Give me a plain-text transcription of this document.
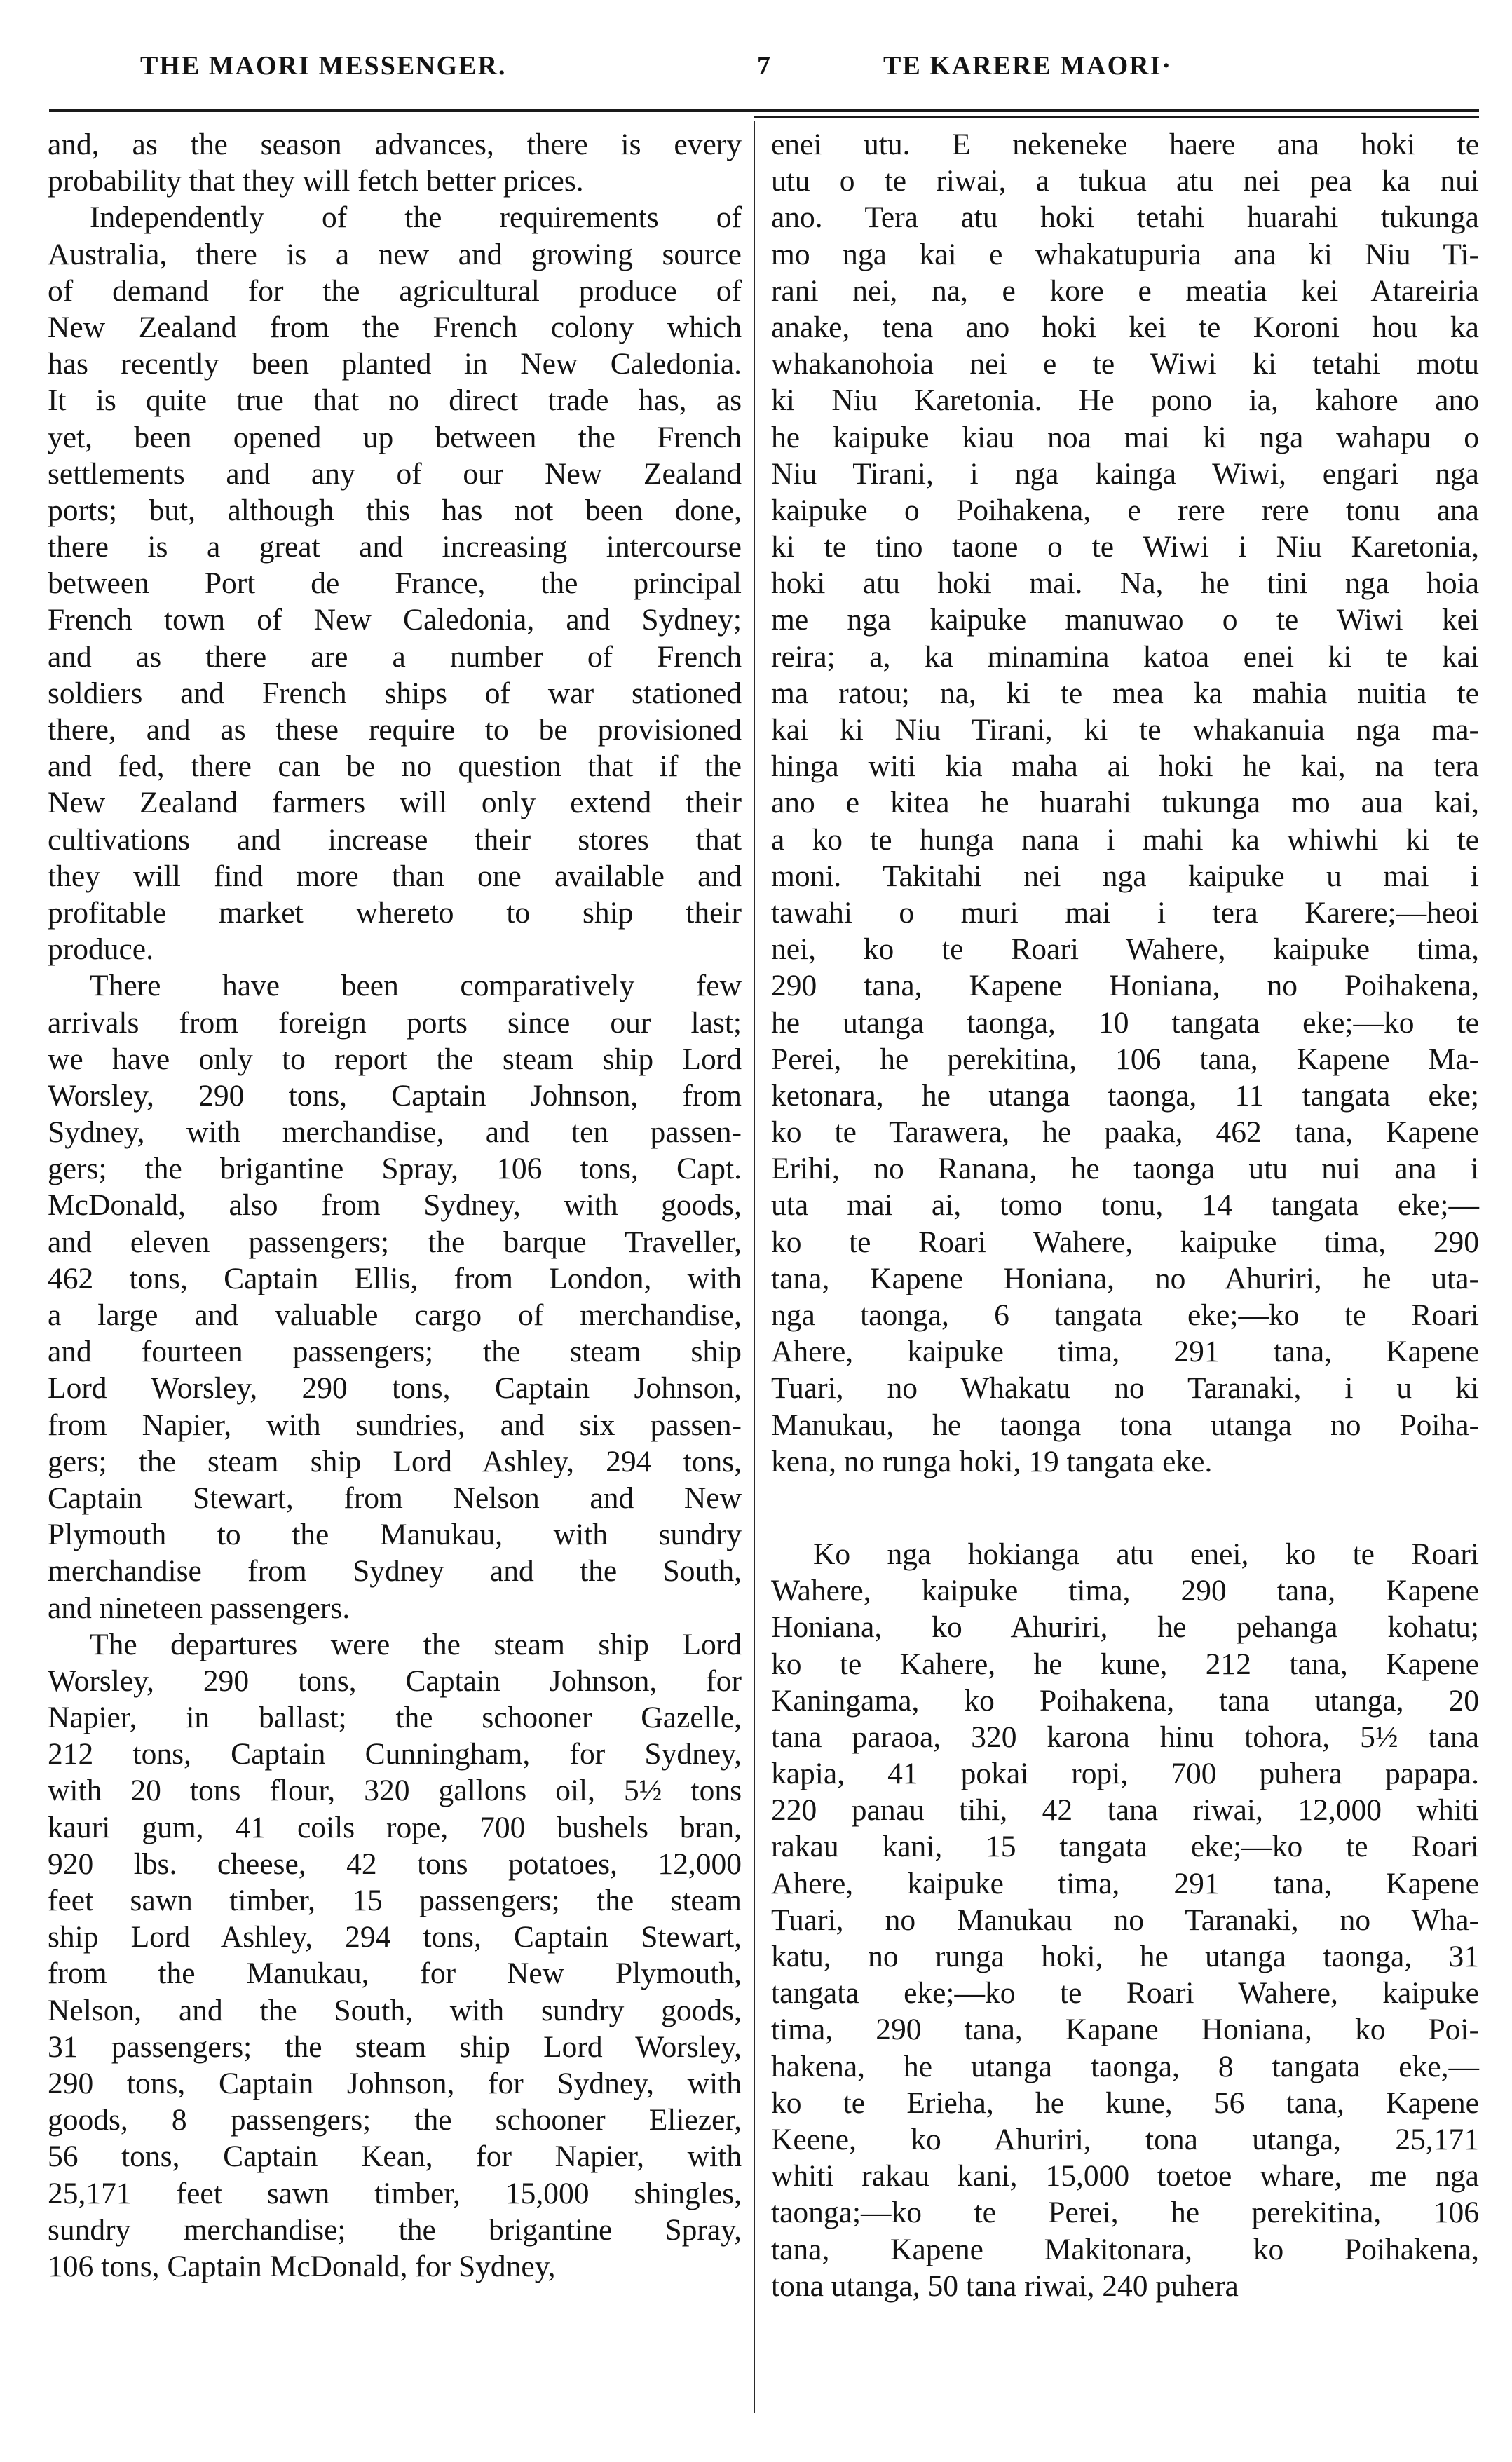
THE MAORI MESSENGER.	7	TE KARERE MAORI·
and, as the season advances, there is every
probability that they will fetch better prices.
Independently of the requirements of
Australia, there is a new and growing source
of demand for the agricultural produce of
New Zealand from the French colony which
has recently been planted in New Caledonia.
It is quite true that no direct trade has, as
yet, been opened up between the French
settlements and any of our New Zealand
ports; but, although this has not been done,
there is a great and increasing intercourse
between Port de France, the principal
French town of New Caledonia, and Sydney;
and as there are a number of French
soldiers and French ships of war stationed
there, and as these require to be provisioned
and fed, there can be no question that if the
New Zealand farmers will only extend their
cultivations and increase their stores that
they will find more than one available and
profitable market whereto to ship their
produce.
There have been comparatively few
arrivals from foreign ports since our last;
we have only to report the steam ship Lord
Worsley, 290 tons, Captain Johnson, from
Sydney, with merchandise, and ten passen-
gers; the brigantine Spray, 106 tons, Capt.
McDonald, also from Sydney, with goods,
and eleven passengers; the barque Traveller,
462 tons, Captain Ellis, from London, with
a large and valuable cargo of merchandise,
and fourteen passengers; the steam ship
Lord Worsley, 290 tons, Captain Johnson,
from Napier, with sundries, and six passen-
gers; the steam ship Lord Ashley, 294 tons,
Captain Stewart, from Nelson and New
Plymouth to the Manukau, with sundry
merchandise from Sydney and the South,
and nineteen passengers.
The departures were the steam ship Lord
Worsley, 290 tons, Captain Johnson, for
Napier, in ballast; the schooner Gazelle,
212 tons, Captain Cunningham, for Sydney,
with 20 tons flour, 320 gallons oil, 5½ tons
kauri gum, 41 coils rope, 700 bushels bran,
920 lbs. cheese, 42 tons potatoes, 12,000
feet sawn timber, 15 passengers; the steam
ship Lord Ashley, 294 tons, Captain Stewart,
from the Manukau, for New Plymouth,
Nelson, and the South, with sundry goods,
31 passengers; the steam ship Lord Worsley,
290 tons, Captain Johnson, for Sydney, with
goods, 8 passengers; the schooner Eliezer,
56 tons, Captain Kean, for Napier, with
25,171 feet sawn timber, 15,000 shingles,
sundry merchandise; the brigantine Spray,
106 tons, Captain McDonald, for Sydney,
enei utu. E nekeneke haere ana hoki te
utu o te riwai, a tukua atu nei pea ka nui
ano. Tera atu hoki tetahi huarahi tukunga
mo nga kai e whakatupuria ana ki Niu Ti-
rani nei, na, e kore e meatia kei Atareiria
anake, tena ano hoki kei te Koroni hou ka
whakanohoia nei e te Wiwi ki tetahi motu
ki Niu Karetonia. He pono ia, kahore ano
he kaipuke kiau noa mai ki nga wahapu o
Niu Tirani, i nga kainga Wiwi, engari nga
kaipuke o Poihakena, e rere rere tonu ana
ki te tino taone o te Wiwi i Niu Karetonia,
hoki atu hoki mai. Na, he tini nga hoia
me nga kaipuke manuwao o te Wiwi kei
reira; a, ka minamina katoa enei ki te kai
ma ratou; na, ki te mea ka mahia nuitia te
kai ki Niu Tirani, ki te whakanuia nga ma-
hinga witi kia maha ai hoki he kai, na tera
ano e kitea he huarahi tukunga mo aua kai,
a ko te hunga nana i mahi ka whiwhi ki te
moni. Takitahi nei nga kaipuke u mai i
tawahi o muri mai i tera Karere;—heoi
nei, ko te Roari Wahere, kaipuke tima,
290 tana, Kapene Honiana, no Poihakena,
he utanga taonga, 10 tangata eke;—ko te
Perei, he perekitina, 106 tana, Kapene Ma-
ketonara, he utanga taonga, 11 tangata eke;
ko te Tarawera, he paaka, 462 tana, Kapene
Erihi, no Ranana, he taonga utu nui ana i
uta mai ai, tomo tonu, 14 tangata eke;—
ko te Roari Wahere, kaipuke tima, 290
tana, Kapene Honiana, no Ahuriri, he uta-
nga taonga, 6 tangata eke;—ko te Roari
Ahere, kaipuke tima, 291 tana, Kapene
Tuari, no Whakatu no Taranaki, i u ki
Manukau, he taonga tona utanga no Poiha-
kena, no runga hoki, 19 tangata eke.
Ko nga hokianga atu enei, ko te Roari
Wahere, kaipuke tima, 290 tana, Kapene
Honiana, ko Ahuriri, he pehanga kohatu;
ko te Kahere, he kune, 212 tana, Kapene
Kaningama, ko Poihakena, tana utanga, 20
tana paraoa, 320 karona hinu tohora, 5½ tana
kapia, 41 pokai ropi, 700 puhera papapa.
220 panau tihi, 42 tana riwai, 12,000 whiti
rakau kani, 15 tangata eke;—ko te Roari
Ahere, kaipuke tima, 291 tana, Kapene
Tuari, no Manukau no Taranaki, no Wha-
katu, no runga hoki, he utanga taonga, 31
tangata eke;—ko te Roari Wahere, kaipuke
tima, 290 tana, Kapane Honiana, ko Poi-
hakena, he utanga taonga, 8 tangata eke,—
ko te Erieha, he kune, 56 tana, Kapene
Keene, ko Ahuriri, tona utanga, 25,171
whiti rakau kani, 15,000 toetoe whare, me nga
taonga;—ko te Perei, he perekitina, 106
tana, Kapene Makitonara, ko Poihakena,
tona utanga, 50 tana riwai, 240 puhera
